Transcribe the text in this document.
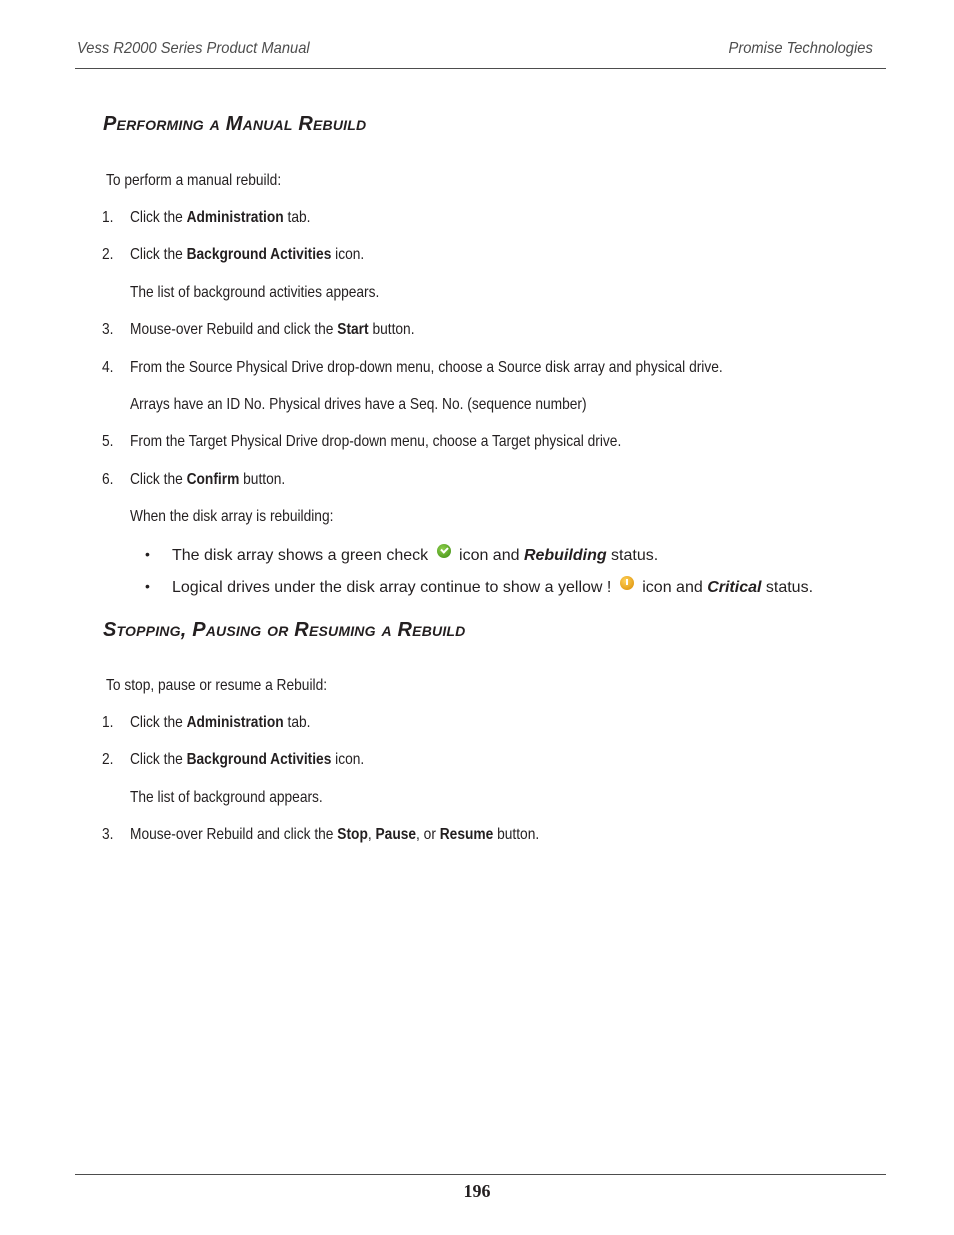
Vess R2000 Series Product Manual	Promise Technologies
Performing a Manual Rebuild
To perform a manual rebuild:
1. Click the Administration tab.
2. Click the Background Activities icon.
The list of background activities appears.
3. Mouse-over Rebuild and click the Start button.
4. From the Source Physical Drive drop-down menu, choose a Source disk array and physical drive.
Arrays have an ID No. Physical drives have a Seq. No. (sequence number)
5. From the Target Physical Drive drop-down menu, choose a Target physical drive.
6. Click the Confirm button.
When the disk array is rebuilding:
• The disk array shows a green check  icon and Rebuilding status.
• Logical drives under the disk array continue to show a yellow !  icon and Critical status.
Stopping, Pausing or Resuming a Rebuild
To stop, pause or resume a Rebuild:
1. Click the Administration tab.
2. Click the Background Activities icon.
The list of background appears.
3. Mouse-over Rebuild and click the Stop, Pause, or Resume button.
196
